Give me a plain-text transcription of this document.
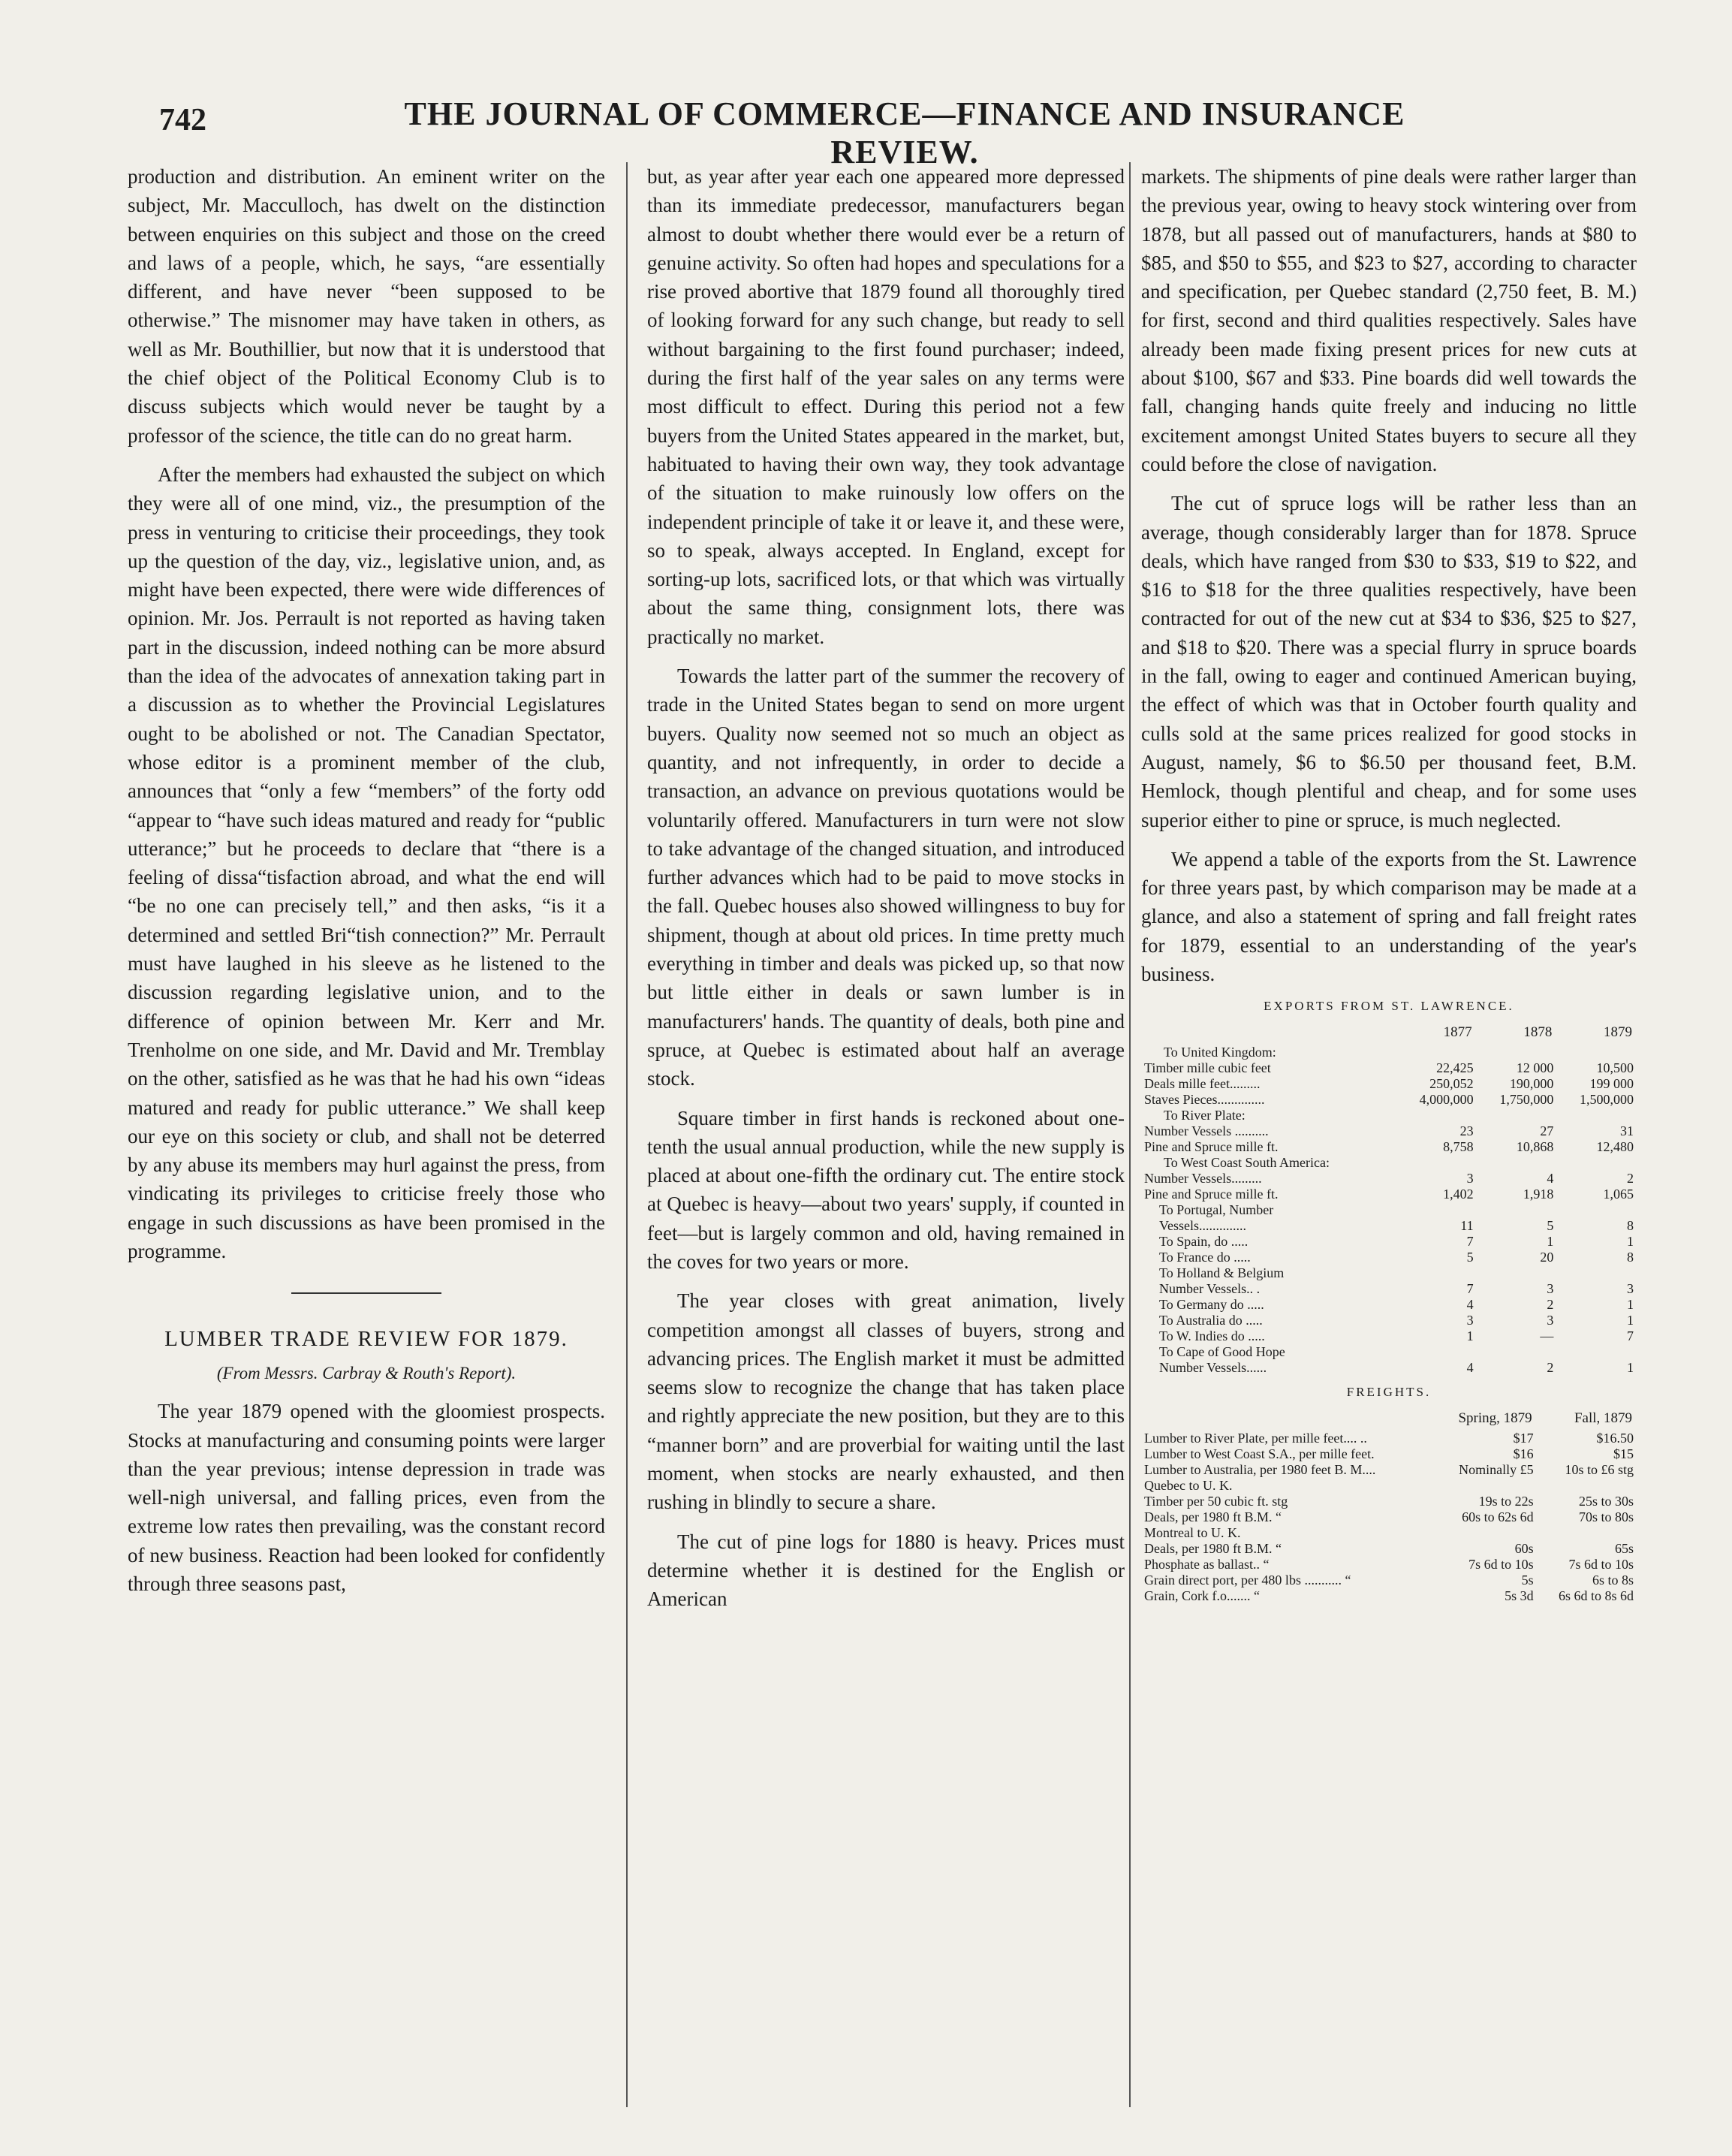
742	THE JOURNAL OF COMMERCE—FINANCE AND INSURANCE REVIEW.

production and distribution. An eminent writer on the subject, Mr. Macculloch, has dwelt on the distinction between enquiries on this subject and those on the creed and laws of a people, which, he says, “are essentially different, and have never “been supposed to be otherwise.” The misnomer may have taken in others, as well as Mr. Bouthillier, but now that it is understood that the chief object of the Political Economy Club is to discuss subjects which would never be taught by a professor of the science, the title can do no great harm.

After the members had exhausted the subject on which they were all of one mind, viz., the presumption of the press in venturing to criticise their proceedings, they took up the question of the day, viz., legislative union, and, as might have been expected, there were wide differences of opinion. Mr. Jos. Perrault is not reported as having taken part in the discussion, indeed nothing can be more absurd than the idea of the advocates of annexation taking part in a discussion as to whether the Provincial Legislatures ought to be abolished or not. The Canadian Spectator, whose editor is a prominent member of the club, announces that “only a few “members” of the forty odd “appear to “have such ideas matured and ready for “public utterance;” but he proceeds to declare that “there is a feeling of dissa“tisfaction abroad, and what the end will “be no one can precisely tell,” and then asks, “is it a determined and settled Bri“tish connection?” Mr. Perrault must have laughed in his sleeve as he listened to the discussion regarding legislative union, and to the difference of opinion between Mr. Kerr and Mr. Trenholme on one side, and Mr. David and Mr. Tremblay on the other, satisfied as he was that he had his own “ideas matured and ready for public utterance.” We shall keep our eye on this society or club, and shall not be deterred by any abuse its members may hurl against the press, from vindicating its privileges to criticise freely those who engage in such discussions as have been promised in the programme.

LUMBER TRADE REVIEW FOR 1879.
(From Messrs. Carbray & Routh's Report).

The year 1879 opened with the gloomiest prospects. Stocks at manufacturing and consuming points were larger than the year previous; intense depression in trade was well-nigh universal, and falling prices, even from the extreme low rates then prevailing, was the constant record of new business. Reaction had been looked for confidently through three seasons past,

but, as year after year each one appeared more depressed than its immediate predecessor, manufacturers began almost to doubt whether there would ever be a return of genuine activity. So often had hopes and speculations for a rise proved abortive that 1879 found all thoroughly tired of looking forward for any such change, but ready to sell without bargaining to the first found purchaser; indeed, during the first half of the year sales on any terms were most difficult to effect. During this period not a few buyers from the United States appeared in the market, but, habituated to having their own way, they took advantage of the situation to make ruinously low offers on the independent principle of take it or leave it, and these were, so to speak, always accepted. In England, except for sorting-up lots, sacrificed lots, or that which was virtually about the same thing, consignment lots, there was practically no market.

Towards the latter part of the summer the recovery of trade in the United States began to send on more urgent buyers. Quality now seemed not so much an object as quantity, and not infrequently, in order to decide a transaction, an advance on previous quotations would be voluntarily offered. Manufacturers in turn were not slow to take advantage of the changed situation, and introduced further advances which had to be paid to move stocks in the fall. Quebec houses also showed willingness to buy for shipment, though at about old prices. In time pretty much everything in timber and deals was picked up, so that now but little either in deals or sawn lumber is in manufacturers' hands. The quantity of deals, both pine and spruce, at Quebec is estimated about half an average stock.

Square timber in first hands is reckoned about one-tenth the usual annual production, while the new supply is placed at about one-fifth the ordinary cut. The entire stock at Quebec is heavy—about two years' supply, if counted in feet—but is largely common and old, having remained in the coves for two years or more.

The year closes with great animation, lively competition amongst all classes of buyers, strong and advancing prices. The English market it must be admitted seems slow to recognize the change that has taken place and rightly appreciate the new position, but they are to this “manner born” and are proverbial for waiting until the last moment, when stocks are nearly exhausted, and then rushing in blindly to secure a share.

The cut of pine logs for 1880 is heavy. Prices must determine whether it is destined for the English or American

markets. The shipments of pine deals were rather larger than the previous year, owing to heavy stock wintering over from 1878, but all passed out of manufacturers, hands at $80 to $85, and $50 to $55, and $23 to $27, according to character and specification, per Quebec standard (2,750 feet, B. M.) for first, second and third qualities respectively. Sales have already been made fixing present prices for new cuts at about $100, $67 and $33. Pine boards did well towards the fall, changing hands quite freely and inducing no little excitement amongst United States buyers to secure all they could before the close of navigation.

The cut of spruce logs will be rather less than an average, though considerably larger than for 1878. Spruce deals, which have ranged from $30 to $33, $19 to $22, and $16 to $18 for the three qualities respectively, have been contracted for out of the new cut at $34 to $36, $25 to $27, and $18 to $20. There was a special flurry in spruce boards in the fall, owing to eager and continued American buying, the effect of which was that in October fourth quality and culls sold at the same prices realized for good stocks in August, namely, $6 to $6.50 per thousand feet, B.M. Hemlock, though plentiful and cheap, and for some uses superior either to pine or spruce, is much neglected.

We append a table of the exports from the St. Lawrence for three years past, by which comparison may be made at a glance, and also a statement of spring and fall freight rates for 1879, essential to an understanding of the year's business.

EXPORTS FROM ST. LAWRENCE.
	1877	1878	1879
To United Kingdom:			
Timber mille cubic feet	22,425	12 000	10,500
Deals mille feet.........	250,052	190,000	199 000
Staves Pieces..............	4,000,000	1,750,000	1,500,000
To River Plate:			
Number Vessels ..........	23	27	31
Pine and Spruce mille ft.	8,758	10,868	12,480
To West Coast South America:			
Number Vessels.........	3	4	2
Pine and Spruce mille ft.	1,402	1,918	1,065
To Portugal, Number			
Vessels..............	11	5	8
To Spain, do .....	7	1	1
To France do .....	5	20	8
To Holland & Belgium			
Number Vessels.. .	7	3	3
To Germany do .....	4	2	1
To Australia do .....	3	3	1
To W. Indies do .....	1	—	7
To Cape of Good Hope			
Number Vessels......	4	2	1
FREIGHTS.
	Spring, 1879	Fall, 1879
Lumber to River Plate, per mille feet.... ..	$17	$16.50
Lumber to West Coast S.A., per mille feet.	$16	$15
Lumber to Australia, per 1980 feet B. M....	Nominally £5	10s to £6 stg
Quebec to U. K.		
Timber per 50 cubic ft. stg	19s to 22s	25s to 30s
Deals, per 1980 ft B.M. “	60s to 62s 6d	70s to 80s
Montreal to U. K.		
Deals, per 1980 ft B.M. “	60s	65s
Phosphate as ballast.. “	7s 6d to 10s	7s 6d to 10s
Grain direct port, per 480 lbs ........... “	5s	6s to 8s
Grain, Cork f.o....... “	5s 3d	6s 6d to 8s 6d
